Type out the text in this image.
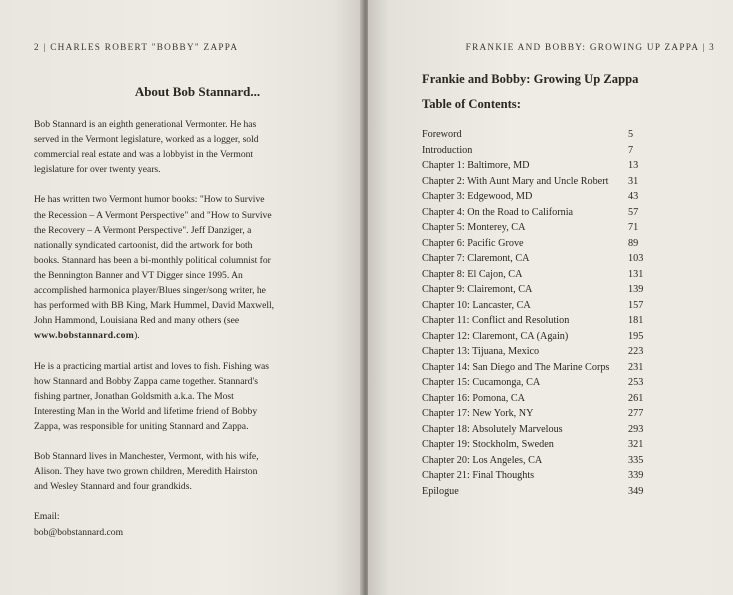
2 | CHARLES ROBERT "BOBBY" ZAPPA
About Bob Stannard...

Bob Stannard is an eighth generational Vermonter. He has
served in the Vermont legislature, worked as a logger, sold
commercial real estate and was a lobbyist in the Vermont
legislature for over twenty years.

He has written two Vermont humor books: "How to Survive
the Recession – A Vermont Perspective" and "How to Survive
the Recovery – A Vermont Perspective". Jeff Danziger, a
nationally syndicated cartoonist, did the artwork for both
books. Stannard has been a bi-monthly political columnist for
the Bennington Banner and VT Digger since 1995. An
accomplished harmonica player/Blues singer/song writer, he
has performed with BB King, Mark Hummel, David Maxwell,
John Hammond, Louisiana Red and many others (see
www.bobstannard.com).

He is a practicing martial artist and loves to fish. Fishing was
how Stannard and Bobby Zappa came together. Stannard's
fishing partner, Jonathan Goldsmith a.k.a. The Most
Interesting Man in the World and lifetime friend of Bobby
Zappa, was responsible for uniting Stannard and Zappa.

Bob Stannard lives in Manchester, Vermont, with his wife,
Alison. They have two grown children, Meredith Hairston
and Wesley Stannard and four grandkids.

Email:
bob@bobstannard.com

FRANKIE AND BOBBY: GROWING UP ZAPPA | 3
Frankie and Bobby: Growing Up Zappa
Table of Contents:
Foreword	5
Introduction	7
Chapter 1: Baltimore, MD	13
Chapter 2: With Aunt Mary and Uncle Robert 31
Chapter 3: Edgewood, MD	43
Chapter 4: On the Road to California	57
Chapter 5: Monterey, CA	71
Chapter 6: Pacific Grove	89
Chapter 7: Claremont, CA	103
Chapter 8: El Cajon, CA	131
Chapter 9: Clairemont, CA	139
Chapter 10: Lancaster, CA	157
Chapter 11: Conflict and Resolution	181
Chapter 12: Claremont, CA (Again)	195
Chapter 13: Tijuana, Mexico	223
Chapter 14: San Diego and The Marine Corps 231
Chapter 15: Cucamonga, CA	253
Chapter 16: Pomona, CA	261
Chapter 17: New York, NY	277
Chapter 18: Absolutely Marvelous	293
Chapter 19: Stockholm, Sweden	321
Chapter 20: Los Angeles, CA	335
Chapter 21: Final Thoughts	339
Epilogue	349
